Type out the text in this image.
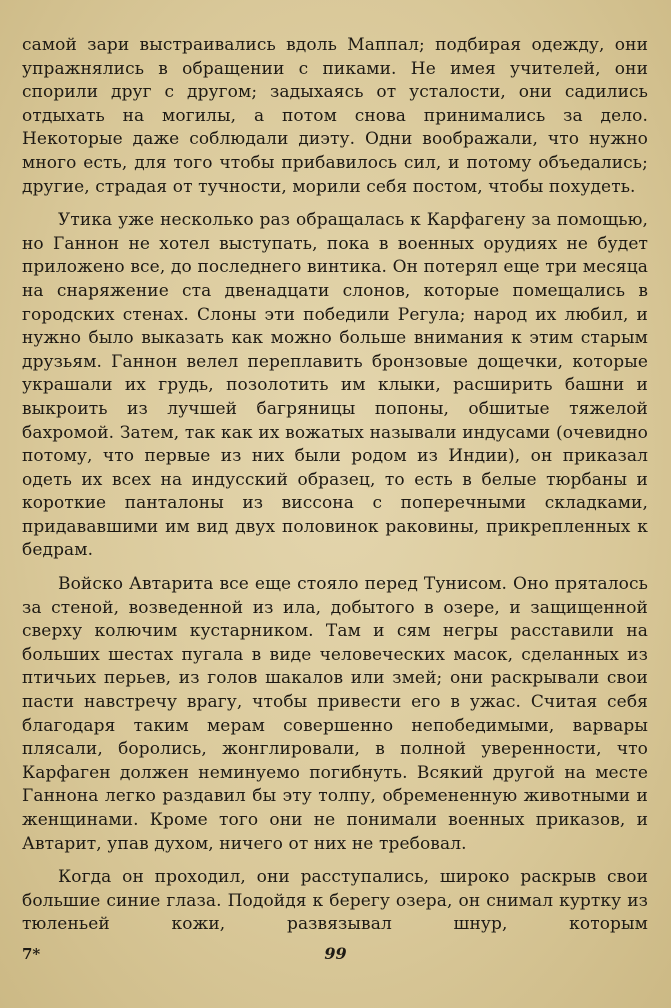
самой зари выстраивались вдоль Маппал; подбирая одежду, они упражнялись в обращении с пиками. Не имея учителей, они спорили друг с другом; задыхаясь от усталости, они садились отдыхать на могилы, а потом снова принимались за дело. Некоторые даже соблюдали диэту. Одни воображали, что нужно много есть, для того чтобы прибавилось сил, и потому объедались; другие, страдая от тучности, морили себя постом, чтобы похудеть.

Утика уже несколько раз обращалась к Карфагену за помощью, но Ганнон не хотел выступать, пока в военных орудиях не будет приложено все, до последнего винтика. Он потерял еще три месяца на снаряжение ста двенадцати слонов, которые помещались в городских стенах. Слоны эти победили Регула; народ их любил, и нужно было выказать как можно больше внимания к этим старым друзьям. Ганнон велел переплавить бронзовые дощечки, которые украшали их грудь, позолотить им клыки, расширить башни и выкроить из лучшей багряницы попоны, обшитые тяжелой бахромой. Затем, так как их вожатых называли индусами (очевидно потому, что первые из них были родом из Индии), он приказал одеть их всех на индусский образец, то есть в белые тюрбаны и короткие панталоны из виссона с поперечными складками, придававшими им вид двух половинок раковины, прикрепленных к бедрам.

Войско Автарита все еще стояло перед Тунисом. Оно пряталось за стеной, возведенной из ила, добытого в озере, и защищенной сверху колючим кустарником. Там и сям негры расставили на больших шестах пугала в виде человеческих масок, сделанных из птичьих перьев, из голов шакалов или змей; они раскрывали свои пасти навстречу врагу, чтобы привести его в ужас. Считая себя благодаря таким мерам совершенно непобедимыми, варвары плясали, боролись, жонглировали, в полной уверенности, что Карфаген должен неминуемо погибнуть. Всякий другой на месте Ганнона легко раздавил бы эту толпу, обремененную животными и женщинами. Кроме того они не понимали военных приказов, и Автарит, упав духом, ничего от них не требовал.

Когда он проходил, они расступались, широко раскрыв свои большие синие глаза. Подойдя к берегу озера, он снимал куртку из тюленьей кожи, развязывал шнур, которым

7*	99
